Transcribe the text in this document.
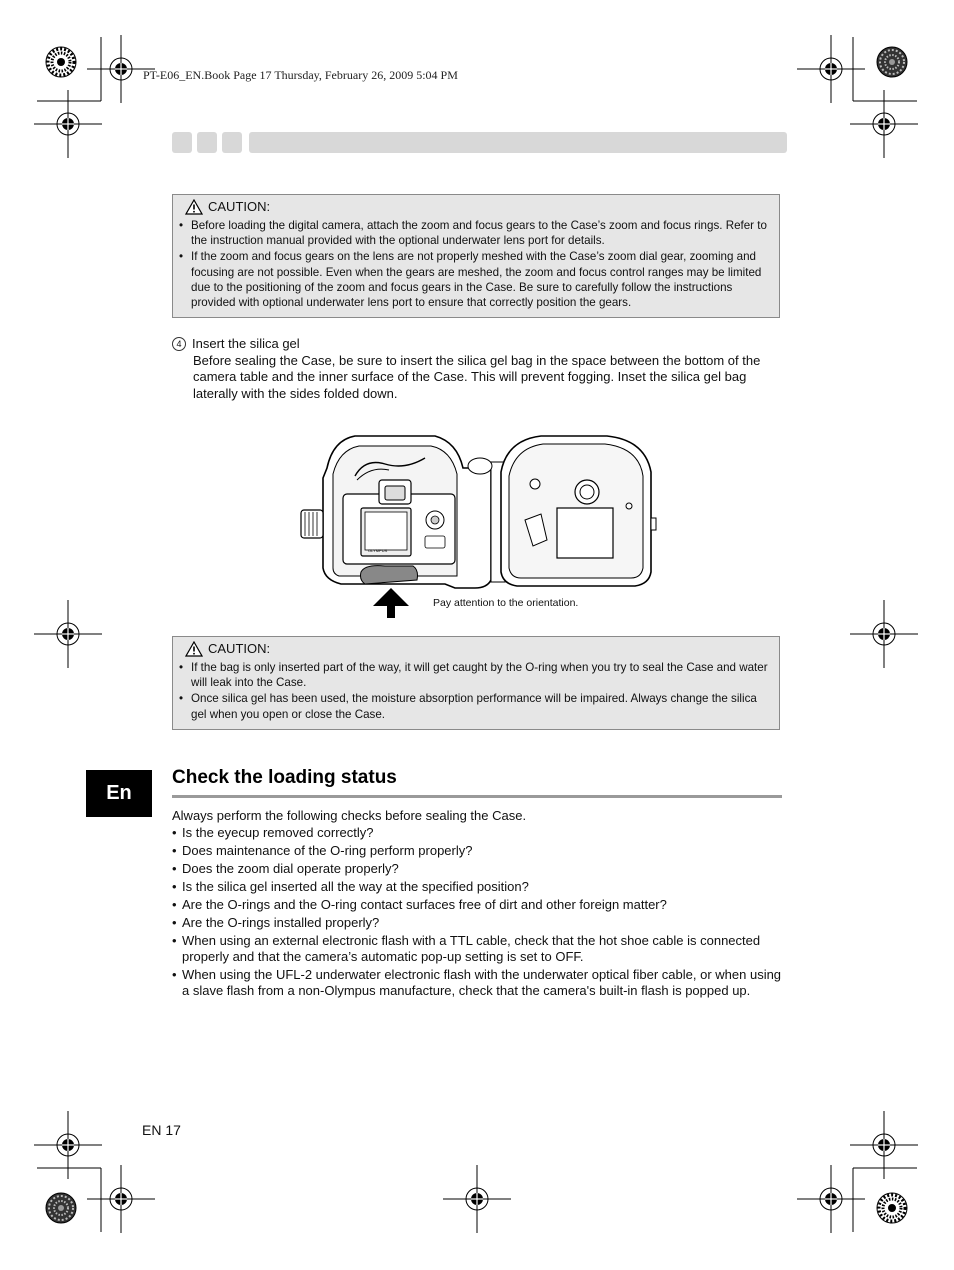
PT-E06_EN.Book Page 17 Thursday, February 26, 2009 5:04 PM
CAUTION:
• Before loading the digital camera, attach the zoom and focus gears to the Case’s zoom and focus rings. Refer to the instruction manual provided with the optional underwater lens port for details.
• If the zoom and focus gears on the lens are not properly meshed with the Case’s zoom dial gear, zooming and focusing are not possible. Even when the gears are meshed, the zoom and focus control ranges may be limited due to the positioning of the zoom and focus gears in the Case. Be sure to carefully follow the instructions provided with optional underwater lens port to ensure that correctly position the gears.
4 Insert the silica gel
Before sealing the Case, be sure to insert the silica gel bag in the space between the bottom of the camera table and the inner surface of the Case. This will prevent fogging. Inset the silica gel bag laterally with the sides folded down.
OLYMPUS
Pay attention to the orientation.
CAUTION:
• If the bag is only inserted part of the way, it will get caught by the O-ring when you try to seal the Case and water will leak into the Case.
• Once silica gel has been used, the moisture absorption performance will be impaired. Always change the silica gel when you open or close the Case.
En
Check the loading status
Always perform the following checks before sealing the Case.
• Is the eyecup removed correctly?
• Does maintenance of the O-ring perform properly?
• Does the zoom dial operate properly?
• Is the silica gel inserted all the way at the specified position?
• Are the O-rings and the O-ring contact surfaces free of dirt and other foreign matter?
• Are the O-rings installed properly?
• When using an external electronic flash with a TTL cable, check that the hot shoe cable is connected properly and that the camera’s automatic pop-up setting is set to OFF.
• When using the UFL-2 underwater electronic flash with the underwater optical fiber cable, or when using a slave flash from a non-Olympus manufacture, check that the camera's built-in flash is popped up.
EN 17
